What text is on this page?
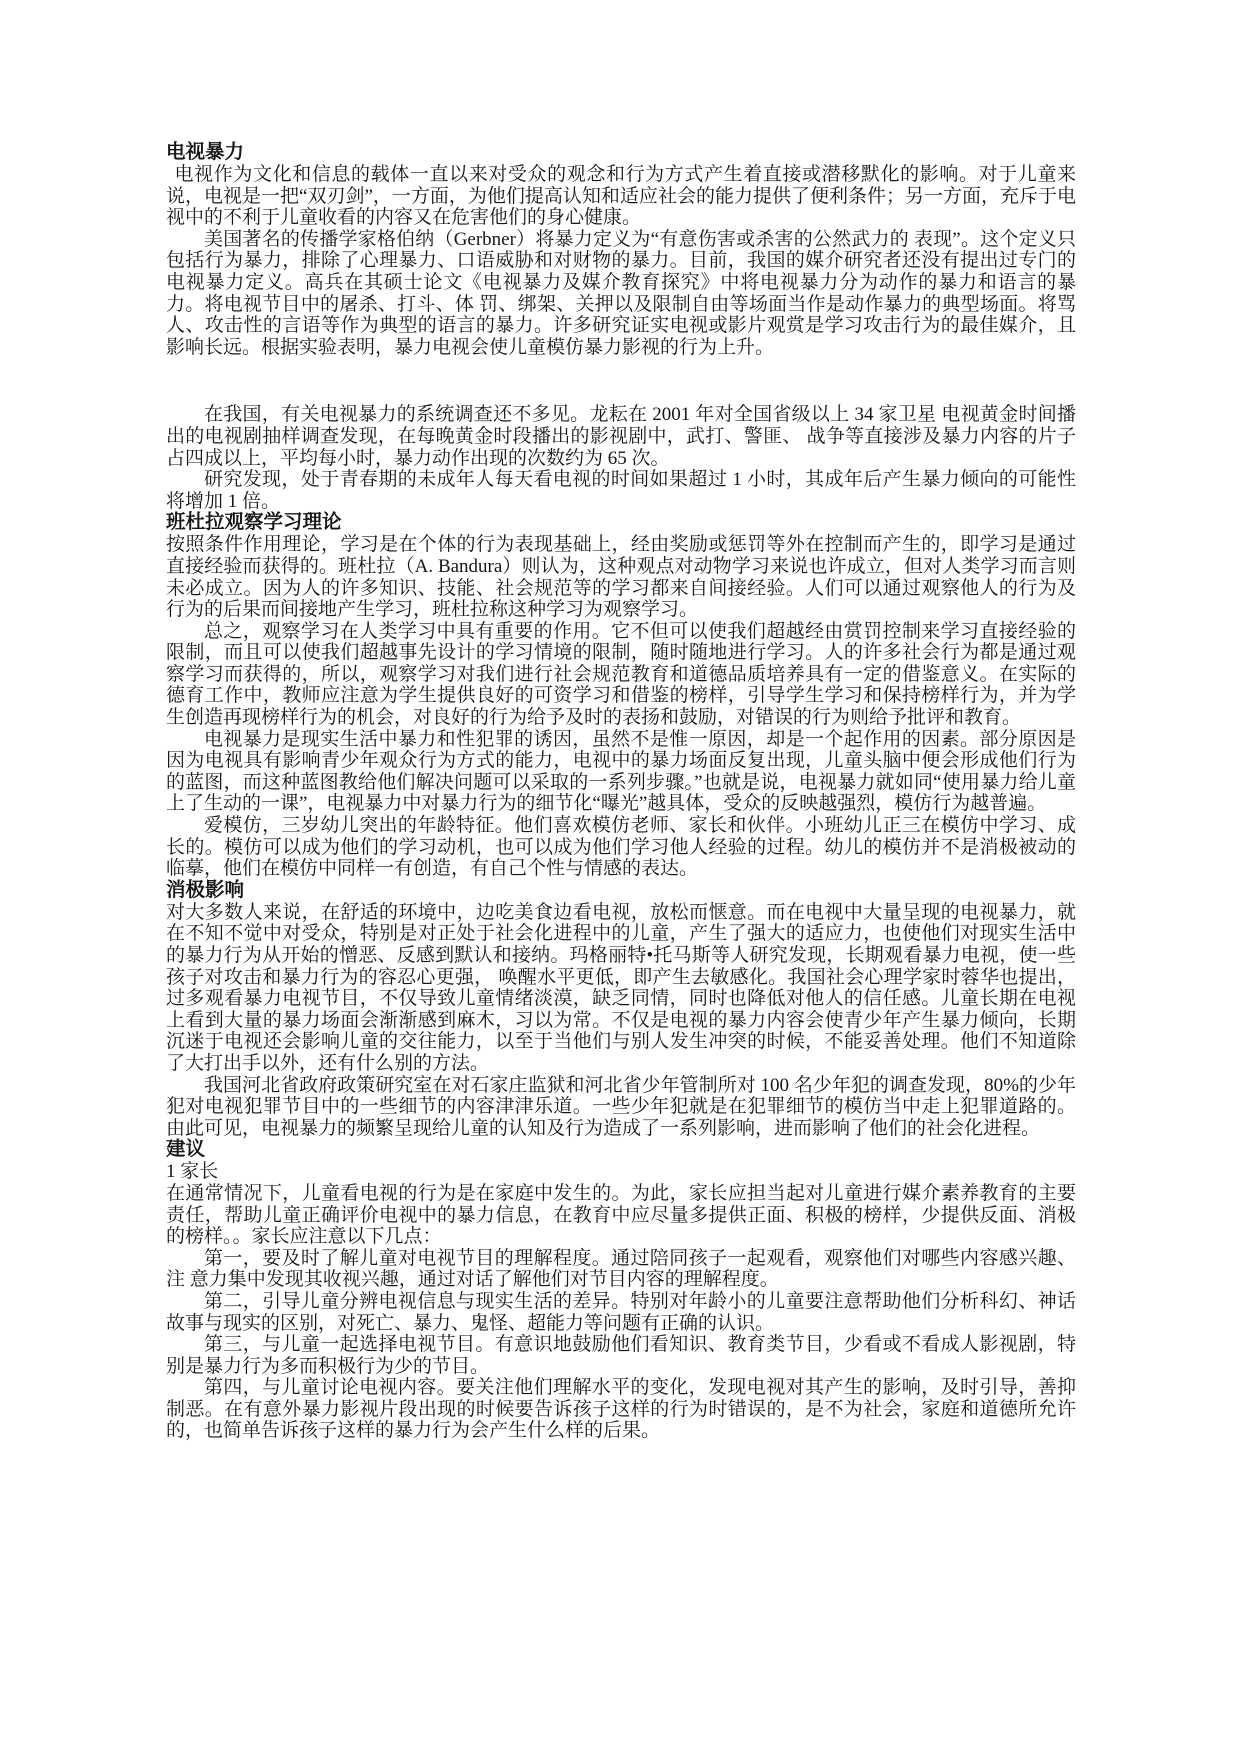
电视暴力

电视作为文化和信息的载体一直以来对受众的观念和行为方式产生着直接或潜移默化的影响。对于儿童来说，电视是一把“双刃剑”，一方面，为他们提高认知和适应社会的能力提供了便利条件；另一方面，充斥于电视中的不利于儿童收看的内容又在危害他们的身心健康。

美国著名的传播学家格伯纳（Gerbner）将暴力定义为“有意伤害或杀害的公然武力的 表现”。这个定义只包括行为暴力，排除了心理暴力、口语威胁和对财物的暴力。目前，我国的媒介研究者还没有提出过专门的电视暴力定义。高兵在其硕士论文《电视暴力及媒介教育探究》中将电视暴力分为动作的暴力和语言的暴力。将电视节目中的屠杀、打斗、体 罚、绑架、关押以及限制自由等场面当作是动作暴力的典型场面。将骂人、攻击性的言语等作为典型的语言的暴力。许多研究证实电视或影片观赏是学习攻击行为的最佳媒介，且影响长远。根据实验表明，暴力电视会使儿童模仿暴力影视的行为上升。

在我国，有关电视暴力的系统调查还不多见。龙耘在 2001 年对全国省级以上 34 家卫星 电视黄金时间播出的电视剧抽样调查发现，在每晚黄金时段播出的影视剧中，武打、警匪、 战争等直接涉及暴力内容的片子占四成以上，平均每小时，暴力动作出现的次数约为 65 次。

研究发现，处于青春期的未成年人每天看电视的时间如果超过 1 小时，其成年后产生暴力倾向的可能性将增加 1 倍。

班杜拉观察学习理论

按照条件作用理论，学习是在个体的行为表现基础上，经由奖励或惩罚等外在控制而产生的，即学习是通过直接经验而获得的。班杜拉（A. Bandura）则认为，这种观点对动物学习来说也许成立，但对人类学习而言则未必成立。因为人的许多知识、技能、社会规范等的学习都来自间接经验。人们可以通过观察他人的行为及行为的后果而间接地产生学习，班杜拉称这种学习为观察学习。

总之，观察学习在人类学习中具有重要的作用。它不但可以使我们超越经由赏罚控制来学习直接经验的限制，而且可以使我们超越事先设计的学习情境的限制，随时随地进行学习。人的许多社会行为都是通过观察学习而获得的，所以，观察学习对我们进行社会规范教育和道德品质培养具有一定的借鉴意义。在实际的德育工作中，教师应注意为学生提供良好的可资学习和借鉴的榜样，引导学生学习和保持榜样行为，并为学生创造再现榜样行为的机会，对良好的行为给予及时的表扬和鼓励，对错误的行为则给予批评和教育。

电视暴力是现实生活中暴力和性犯罪的诱因，虽然不是惟一原因，却是一个起作用的因素。部分原因是因为电视具有影响青少年观众行为方式的能力，电视中的暴力场面反复出现，儿童头脑中便会形成他们行为的蓝图，而这种蓝图教给他们解决问题可以采取的一系列步骤。”也就是说，电视暴力就如同“使用暴力给儿童上了生动的一课”，电视暴力中对暴力行为的细节化“曝光”越具体，受众的反映越强烈，模仿行为越普遍。

爱模仿，三岁幼儿突出的年龄特征。他们喜欢模仿老师、家长和伙伴。小班幼儿正三在模仿中学习、成长的。模仿可以成为他们的学习动机，也可以成为他们学习他人经验的过程。幼儿的模仿并不是消极被动的临摹，他们在模仿中同样一有创造，有自己个性与情感的表达。

消极影响

对大多数人来说，在舒适的环境中，边吃美食边看电视，放松而惬意。而在电视中大量呈现的电视暴力，就在不知不觉中对受众，特别是对正处于社会化进程中的儿童，产生了强大的适应力，也使他们对现实生活中的暴力行为从开始的憎恶、反感到默认和接纳。玛格丽特•托马斯等人研究发现，长期观看暴力电视，使一些孩子对攻击和暴力行为的容忍心更强， 唤醒水平更低，即产生去敏感化。我国社会心理学家时蓉华也提出，过多观看暴力电视节目，不仅导致儿童情绪淡漠，缺乏同情，同时也降低对他人的信任感。儿童长期在电视上看到大量的暴力场面会渐渐感到麻木，习以为常。不仅是电视的暴力内容会使青少年产生暴力倾向，长期沉迷于电视还会影响儿童的交往能力，以至于当他们与别人发生冲突的时候，不能妥善处理。他们不知道除了大打出手以外，还有什么别的方法。

我国河北省政府政策研究室在对石家庄监狱和河北省少年管制所对 100 名少年犯的调查发现，80%的少年犯对电视犯罪节目中的一些细节的内容津津乐道。一些少年犯就是在犯罪细节的模仿当中走上犯罪道路的。由此可见，电视暴力的频繁呈现给儿童的认知及行为造成了一系列影响，进而影响了他们的社会化进程。

建议

1 家长

在通常情况下，儿童看电视的行为是在家庭中发生的。为此，家长应担当起对儿童进行媒介素养教育的主要责任，帮助儿童正确评价电视中的暴力信息，在教育中应尽量多提供正面、积极的榜样，少提供反面、消极的榜样。。家长应注意以下几点：

第一，要及时了解儿童对电视节目的理解程度。通过陪同孩子一起观看，观察他们对哪些内容感兴趣、注 意力集中发现其收视兴趣，通过对话了解他们对节目内容的理解程度。

第二，引导儿童分辨电视信息与现实生活的差异。特别对年龄小的儿童要注意帮助他们分析科幻、神话故事与现实的区别，对死亡、暴力、鬼怪、超能力等问题有正确的认识。

第三，与儿童一起选择电视节目。有意识地鼓励他们看知识、教育类节目，少看或不看成人影视剧，特别是暴力行为多而积极行为少的节目。

第四，与儿童讨论电视内容。要关注他们理解水平的变化，发现电视对其产生的影响，及时引导，善抑制恶。在有意外暴力影视片段出现的时候要告诉孩子这样的行为时错误的，是不为社会，家庭和道德所允许的，也简单告诉孩子这样的暴力行为会产生什么样的后果。
